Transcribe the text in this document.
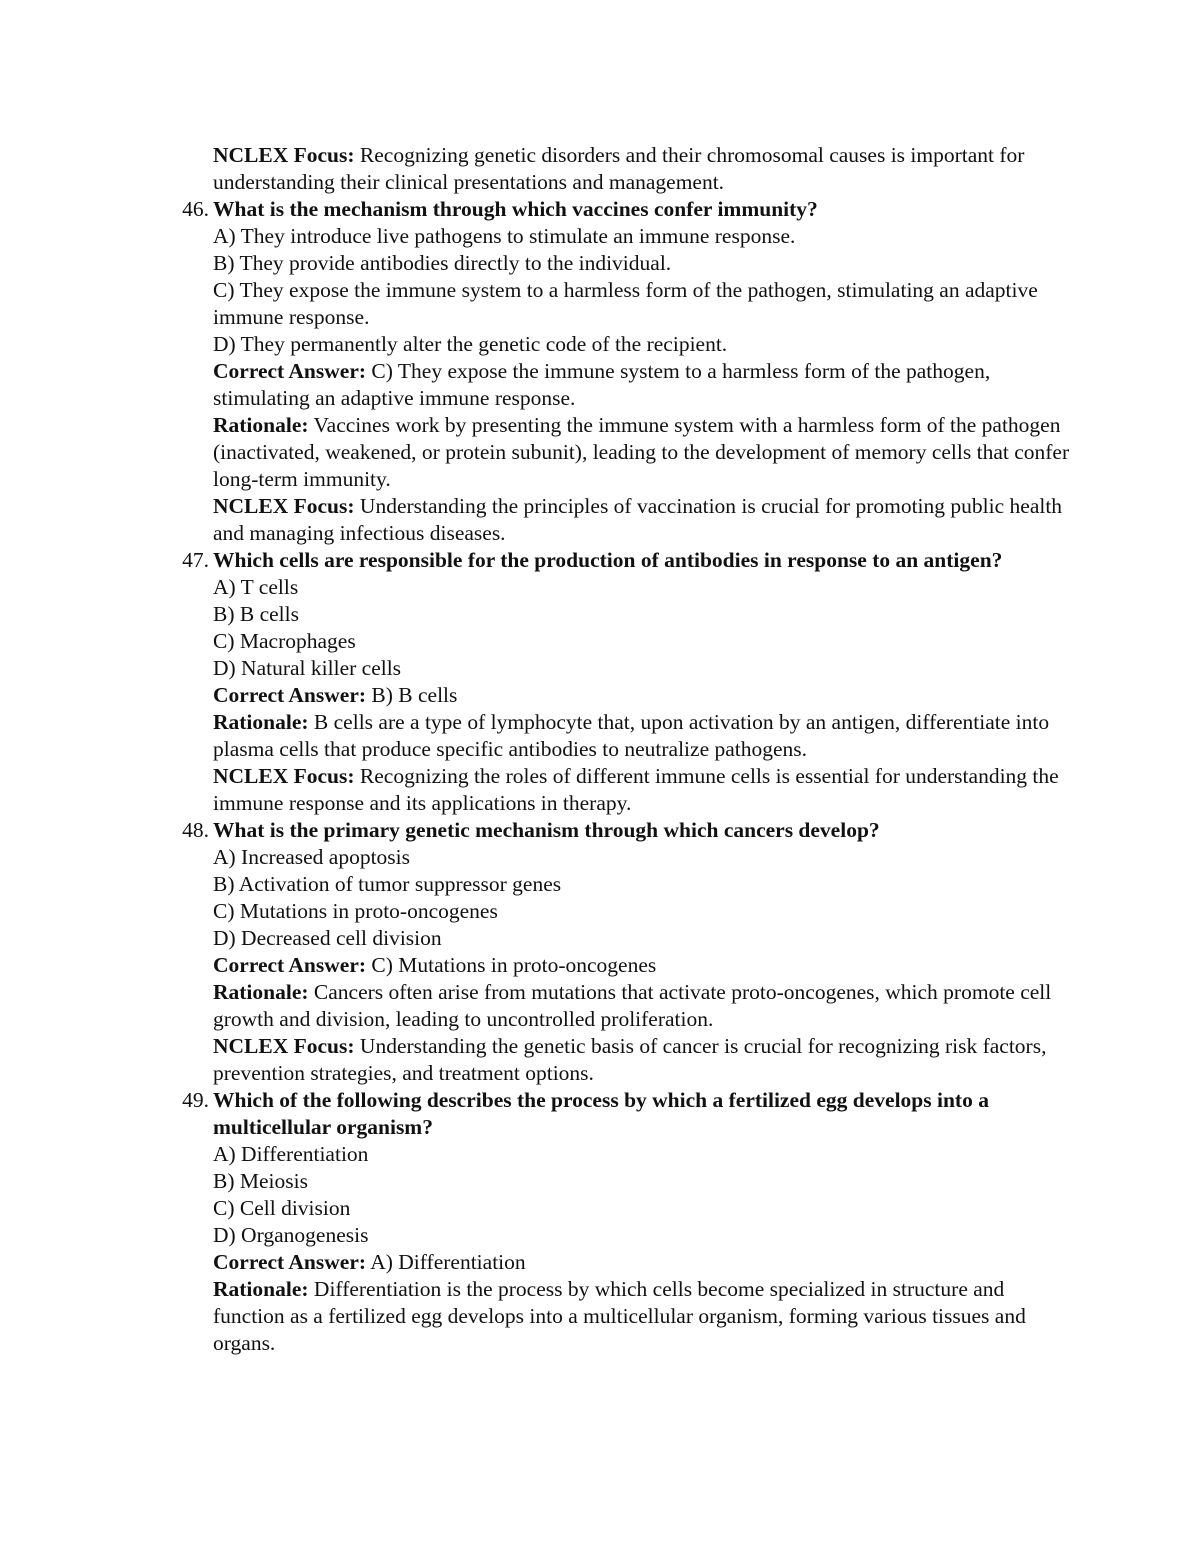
NCLEX Focus: Recognizing genetic disorders and their chromosomal causes is important for understanding their clinical presentations and management.

46. What is the mechanism through which vaccines confer immunity?

A) They introduce live pathogens to stimulate an immune response.

B) They provide antibodies directly to the individual.

C) They expose the immune system to a harmless form of the pathogen, stimulating an adaptive immune response.

D) They permanently alter the genetic code of the recipient.

Correct Answer: C) They expose the immune system to a harmless form of the pathogen, stimulating an adaptive immune response.

Rationale: Vaccines work by presenting the immune system with a harmless form of the pathogen (inactivated, weakened, or protein subunit), leading to the development of memory cells that confer long-term immunity.

NCLEX Focus: Understanding the principles of vaccination is crucial for promoting public health and managing infectious diseases.

47. Which cells are responsible for the production of antibodies in response to an antigen?

A) T cells

B) B cells

C) Macrophages

D) Natural killer cells

Correct Answer: B) B cells

Rationale: B cells are a type of lymphocyte that, upon activation by an antigen, differentiate into plasma cells that produce specific antibodies to neutralize pathogens.

NCLEX Focus: Recognizing the roles of different immune cells is essential for understanding the immune response and its applications in therapy.

48. What is the primary genetic mechanism through which cancers develop?

A) Increased apoptosis

B) Activation of tumor suppressor genes

C) Mutations in proto-oncogenes

D) Decreased cell division

Correct Answer: C) Mutations in proto-oncogenes

Rationale: Cancers often arise from mutations that activate proto-oncogenes, which promote cell growth and division, leading to uncontrolled proliferation.

NCLEX Focus: Understanding the genetic basis of cancer is crucial for recognizing risk factors, prevention strategies, and treatment options.

49. Which of the following describes the process by which a fertilized egg develops into a multicellular organism?

A) Differentiation

B) Meiosis

C) Cell division

D) Organogenesis

Correct Answer: A) Differentiation

Rationale: Differentiation is the process by which cells become specialized in structure and function as a fertilized egg develops into a multicellular organism, forming various tissues and organs.
